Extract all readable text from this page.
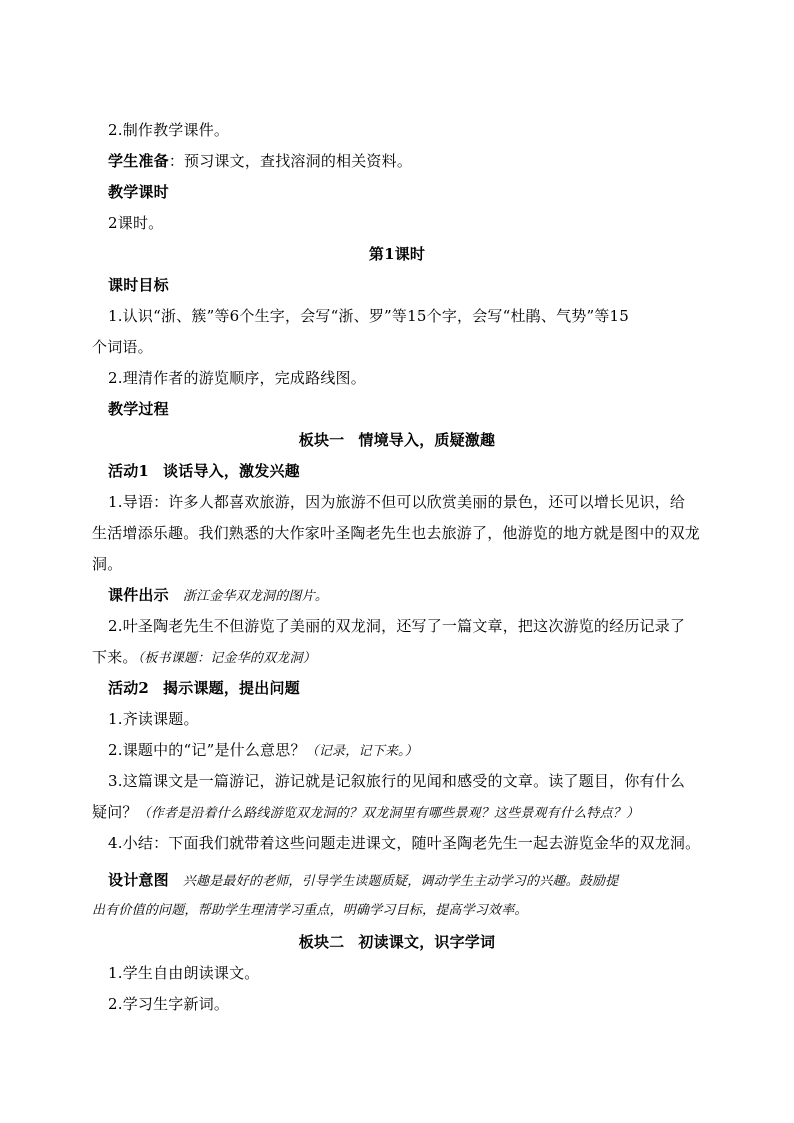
2.制作教学课件。
学生准备：预习课文，查找溶洞的相关资料。
教学课时
2课时。
第1课时
课时目标
1.认识“浙、簇”等6个生字，会写“浙、罗”等15个字，会写“杜鹃、气势”等15
个词语。
2.理清作者的游览顺序，完成路线图。
教学过程
板块一 情境导入，质疑激趣
活动1 谈话导入，激发兴趣
1.导语：许多人都喜欢旅游，因为旅游不但可以欣赏美丽的景色，还可以增长见识，给
生活增添乐趣。我们熟悉的大作家叶圣陶老先生也去旅游了，他游览的地方就是图中的双龙
洞。
课件出示 浙江金华双龙洞的图片。
2.叶圣陶老先生不但游览了美丽的双龙洞，还写了一篇文章，把这次游览的经历记录了
下来。（板书课题：记金华的双龙洞）
活动2 揭示课题，提出问题
1.齐读课题。
2.课题中的“记”是什么意思？（记录，记下来。）
3.这篇课文是一篇游记，游记就是记叙旅行的见闻和感受的文章。读了题目，你有什么
疑问？（作者是沿着什么路线游览双龙洞的？双龙洞里有哪些景观？这些景观有什么特点？）
4.小结：下面我们就带着这些问题走进课文，随叶圣陶老先生一起去游览金华的双龙洞。
设计意图 兴趣是最好的老师，引导学生读题质疑，调动学生主动学习的兴趣。鼓励提
出有价值的问题，帮助学生理清学习重点，明确学习目标，提高学习效率。
板块二 初读课文，识字学词
1.学生自由朗读课文。
2.学习生字新词。
